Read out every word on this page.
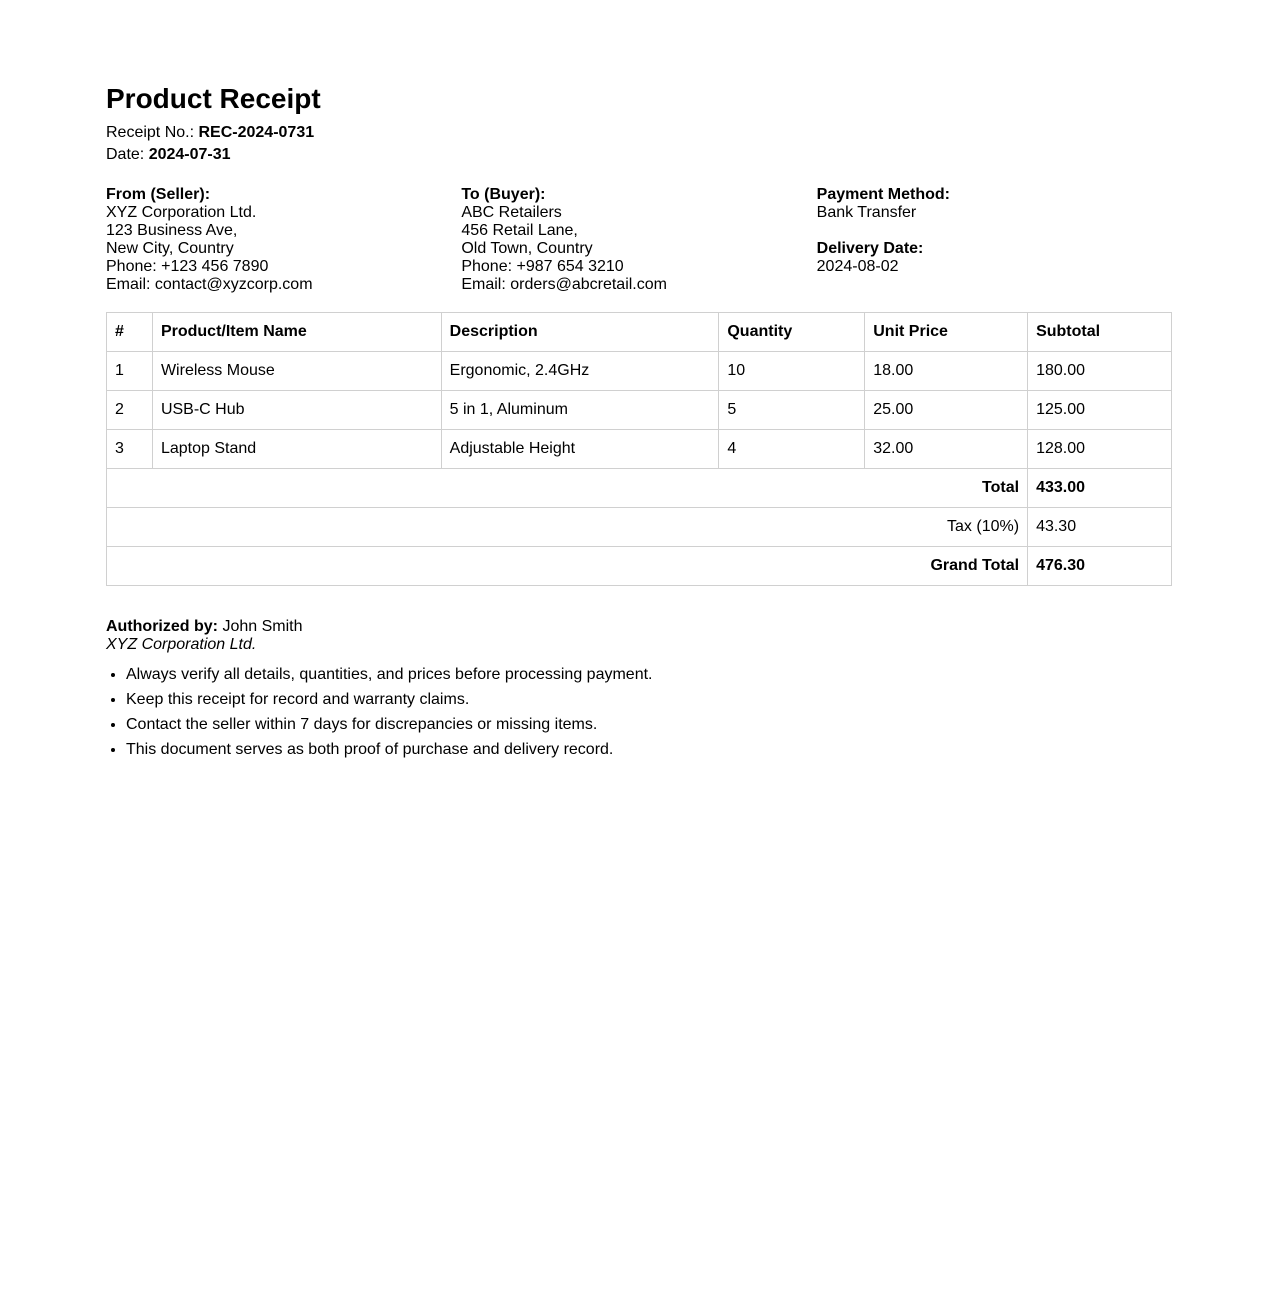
Product Receipt
Receipt No.: REC-2024-0731
Date: 2024-07-31
From (Seller):
XYZ Corporation Ltd.
123 Business Ave,
New City, Country
Phone: +123 456 7890
Email: contact@xyzcorp.com
To (Buyer):
ABC Retailers
456 Retail Lane,
Old Town, Country
Phone: +987 654 3210
Email: orders@abcretail.com
Payment Method:
Bank Transfer
Delivery Date:
2024-08-02
#	Product/Item Name	Description	Quantity	Unit Price	Subtotal
1	Wireless Mouse	Ergonomic, 2.4GHz	10	18.00	180.00
2	USB-C Hub	5 in 1, Aluminum	5	25.00	125.00
3	Laptop Stand	Adjustable Height	4	32.00	128.00
Total					433.00
Tax (10%)					43.30
Grand Total					476.30
Authorized by: John Smith
XYZ Corporation Ltd.
• Always verify all details, quantities, and prices before processing payment.
• Keep this receipt for record and warranty claims.
• Contact the seller within 7 days for discrepancies or missing items.
• This document serves as both proof of purchase and delivery record.
